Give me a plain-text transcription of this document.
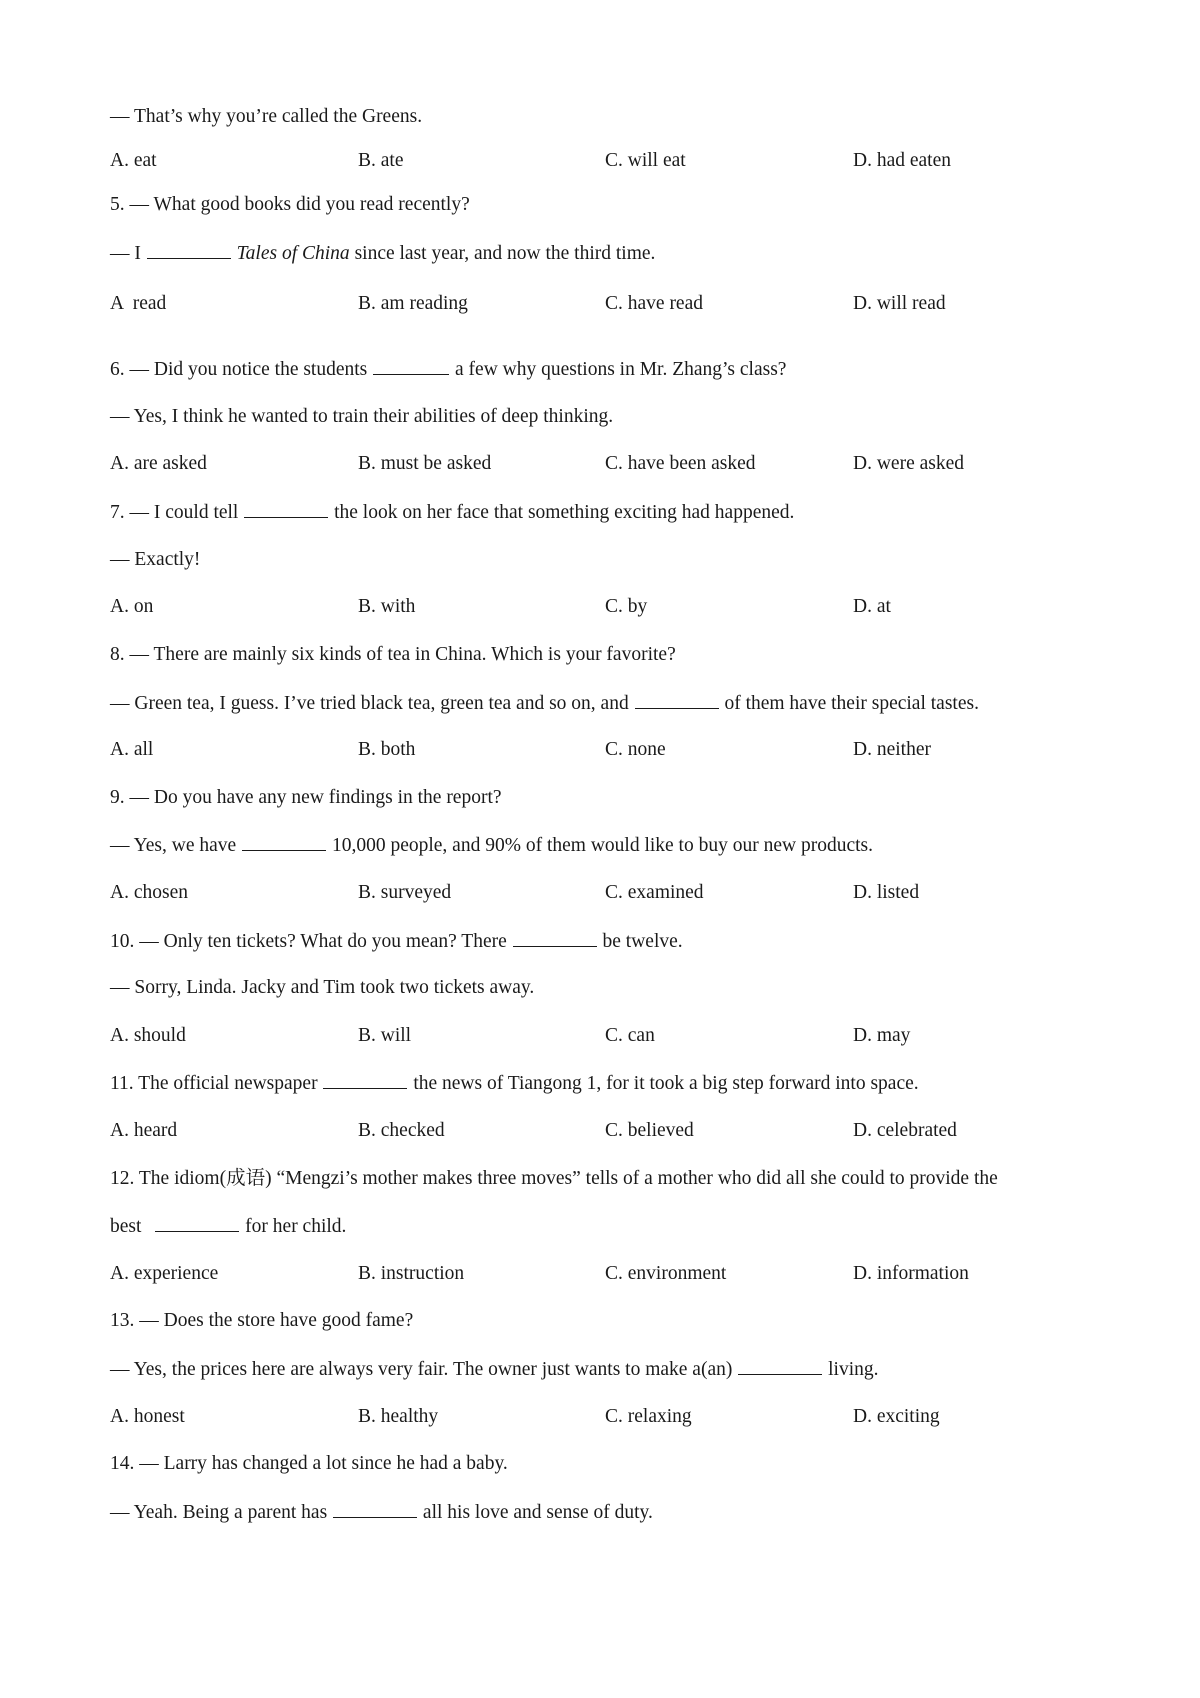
— That’s why you’re called the Greens.
A. eat	B. ate	C. will eat	D. had eaten
5. — What good books did you read recently?
— I	Tales of China since last year, and now the third time.
A  read	B. am reading	C. have read	D. will read
6. — Did you notice the students	a few why questions in Mr. Zhang’s class?
— Yes, I think he wanted to train their abilities of deep thinking.
A. are asked	B. must be asked	C. have been asked	D. were asked
7. — I could tell	the look on her face that something exciting had happened.
— Exactly!
A. on	B. with	C. by	D. at
8. — There are mainly six kinds of tea in China. Which is your favorite?
— Green tea, I guess. I’ve tried black tea, green tea and so on, and	of them have their special tastes.
A. all	B. both	C. none	D. neither
9. — Do you have any new findings in the report?
— Yes, we have	10,000 people, and 90% of them would like to buy our new products.
A. chosen	B. surveyed	C. examined	D. listed
10. — Only ten tickets? What do you mean? There	be twelve.
— Sorry, Linda. Jacky and Tim took two tickets away.
A. should	B. will	C. can	D. may
11. The official newspaper	the news of Tiangong 1, for it took a big step forward into space.
A. heard	B. checked	C. believed	D. celebrated
12. The idiom(成语) “Mengzi’s mother makes three moves” tells of a mother who did all she could to provide the
best	for her child.
A. experience	B. instruction	C. environment	D. information
13. — Does the store have good fame?
— Yes, the prices here are always very fair. The owner just wants to make a(an)	living.
A. honest	B. healthy	C. relaxing	D. exciting
14. — Larry has changed a lot since he had a baby.
— Yeah. Being a parent has	all his love and sense of duty.
